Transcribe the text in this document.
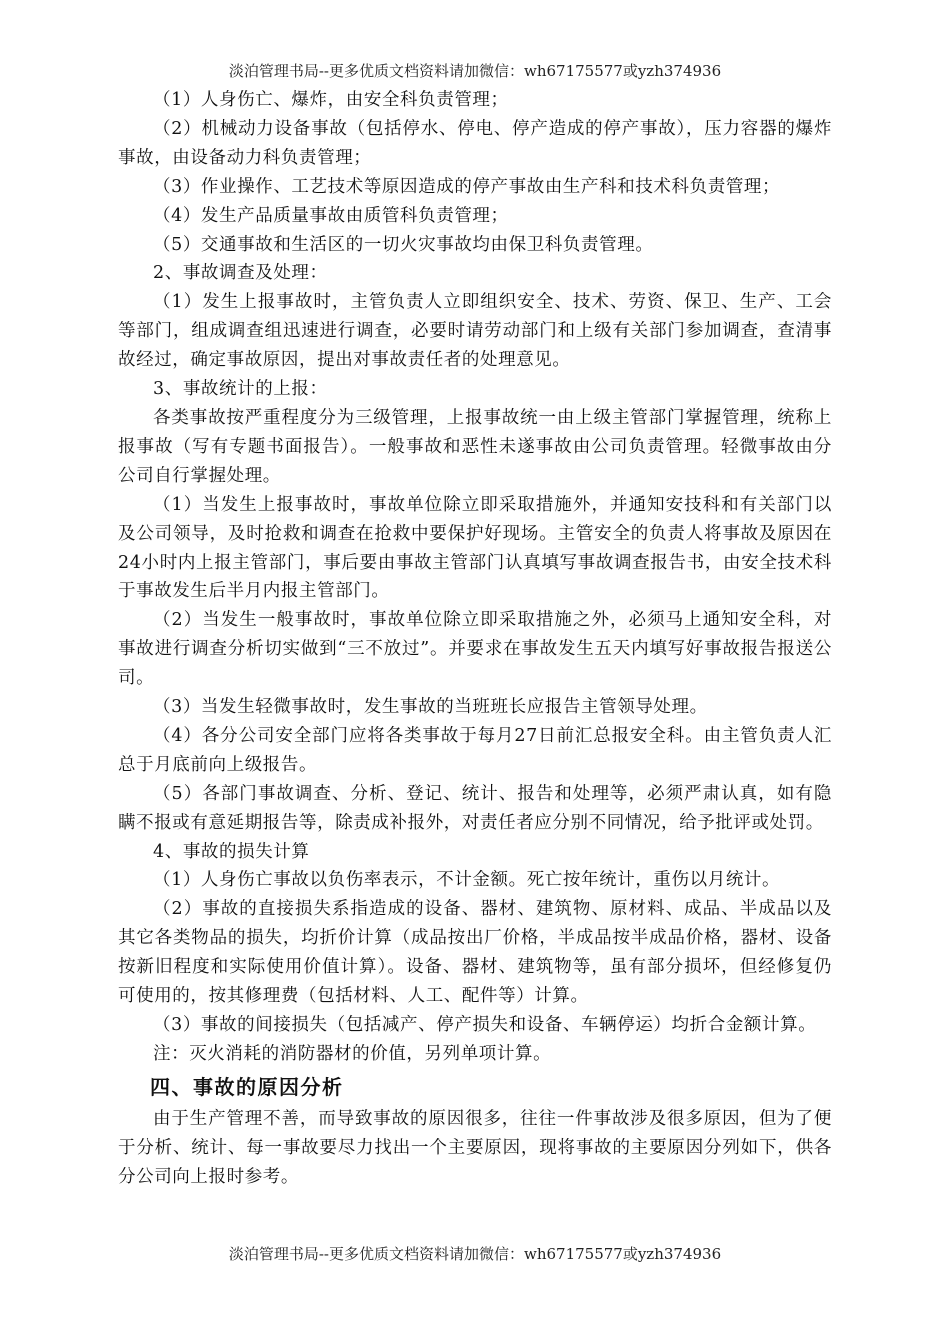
淡泊管理书局--更多优质文档资料请加微信：wh67175577或yzh374936

（1）人身伤亡、爆炸，由安全科负责管理；

（2）机械动力设备事故（包括停水、停电、停产造成的停产事故），压力容器的爆炸事故，由设备动力科负责管理；

（3）作业操作、工艺技术等原因造成的停产事故由生产科和技术科负责管理；

（4）发生产品质量事故由质管科负责管理；

（5）交通事故和生活区的一切火灾事故均由保卫科负责管理。

2、事故调查及处理：

（1）发生上报事故时，主管负责人立即组织安全、技术、劳资、保卫、生产、工会等部门，组成调查组迅速进行调查，必要时请劳动部门和上级有关部门参加调查，查清事故经过，确定事故原因，提出对事故责任者的处理意见。

3、事故统计的上报：

各类事故按严重程度分为三级管理，上报事故统一由上级主管部门掌握管理，统称上报事故（写有专题书面报告）。一般事故和恶性未遂事故由公司负责管理。轻微事故由分公司自行掌握处理。

（1）当发生上报事故时，事故单位除立即采取措施外，并通知安技科和有关部门以及公司领导，及时抢救和调查在抢救中要保护好现场。主管安全的负责人将事故及原因在24小时内上报主管部门，事后要由事故主管部门认真填写事故调查报告书，由安全技术科于事故发生后半月内报主管部门。

（2）当发生一般事故时，事故单位除立即采取措施之外，必须马上通知安全科，对事故进行调查分析切实做到“三不放过”。并要求在事故发生五天内填写好事故报告报送公司。

（3）当发生轻微事故时，发生事故的当班班长应报告主管领导处理。

（4）各分公司安全部门应将各类事故于每月27日前汇总报安全科。由主管负责人汇总于月底前向上级报告。

（5）各部门事故调查、分析、登记、统计、报告和处理等，必须严肃认真，如有隐瞒不报或有意延期报告等，除责成补报外，对责任者应分别不同情况，给予批评或处罚。

4、事故的损失计算

（1）人身伤亡事故以负伤率表示，不计金额。死亡按年统计，重伤以月统计。

（2）事故的直接损失系指造成的设备、器材、建筑物、原材料、成品、半成品以及其它各类物品的损失，均折价计算（成品按出厂价格，半成品按半成品价格，器材、设备按新旧程度和实际使用价值计算）。设备、器材、建筑物等，虽有部分损坏，但经修复仍可使用的，按其修理费（包括材料、人工、配件等）计算。

（3）事故的间接损失（包括减产、停产损失和设备、车辆停运）均折合金额计算。

注：灭火消耗的消防器材的价值，另列单项计算。

四、事故的原因分析

由于生产管理不善，而导致事故的原因很多，往往一件事故涉及很多原因，但为了便于分析、统计、每一事故要尽力找出一个主要原因，现将事故的主要原因分列如下，供各分公司向上报时参考。

淡泊管理书局--更多优质文档资料请加微信：wh67175577或yzh374936
